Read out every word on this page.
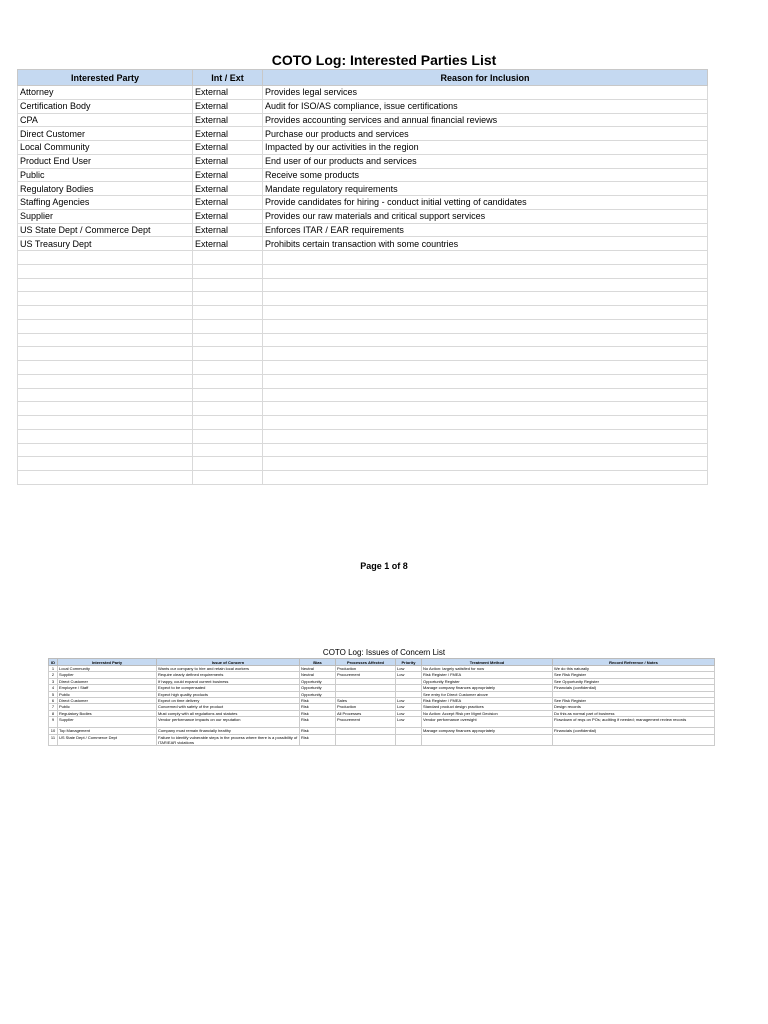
COTO Log: Interested Parties List
Interested Party	Int / Ext	Reason for Inclusion
Attorney	External	Provides legal services
Certification Body	External	Audit for ISO/AS compliance, issue certifications
CPA	External	Provides accounting services and annual financial reviews
Direct Customer	External	Purchase our products and services
Local Community	External	Impacted by our activities in the region
Product End User	External	End user of our products and services
Public	External	Receive some products
Regulatory Bodies	External	Mandate regulatory requirements
Staffing Agencies	External	Provide candidates for hiring - conduct initial vetting of candidates
Supplier	External	Provides our raw materials and critical support services
US State Dept / Commerce Dept	External	Enforces ITAR / EAR requirements
US Treasury Dept	External	Prohibits certain transaction with some countries

Page 1 of 8
COTO Log: Issues of Concern List
ID	Interested Party	Issue of Concern	Bias	Processes Affected	Priority	Treatment Method	Record Reference / Notes
1	Local Community	Wants our company to hire and retain local workers	Neutral	Production	Low	No Action: largely satisfied for now	We do this naturally
2	Supplier	Require clearly defined requirements	Neutral	Procurement	Low	Risk Register / FMEA	See Risk Register
3	Direct Customer	If happy, could expand current business	Opportunity			Opportunity Register	See Opportunity Register
4	Employee / Staff	Expect to be compensated	Opportunity			Manage company finances appropriately	Financials (confidential)
5	Public	Expect high quality products	Opportunity			See entry for Direct Customer above	
6	Direct Customer	Expect on time delivery	Risk	Sales	Low	Risk Register / FMEA	See Risk Register
7	Public	Concerned with safety of the product	Risk	Production	Low	Standard product design practices	Design records
8	Regulatory Bodies	Must comply with all regulations and statutes	Risk	All Processes	Low	No Action: Accept Risk per Mgmt Decision	Do this as normal part of business
9	Supplier	Vendor performance impacts on our reputation	Risk	Procurement	Low	Vendor performance oversight	Flowdown of reqs on POs; auditing if needed; management review records
10	Top Management	Company must remain financially healthy	Risk			Manage company finances appropriately	Financials (confidential)
11	US State Dept / Commerce Dept	Failure to identify vulnerable steps in the process where there is a possibility of ITAR/EAR violations	Risk				
